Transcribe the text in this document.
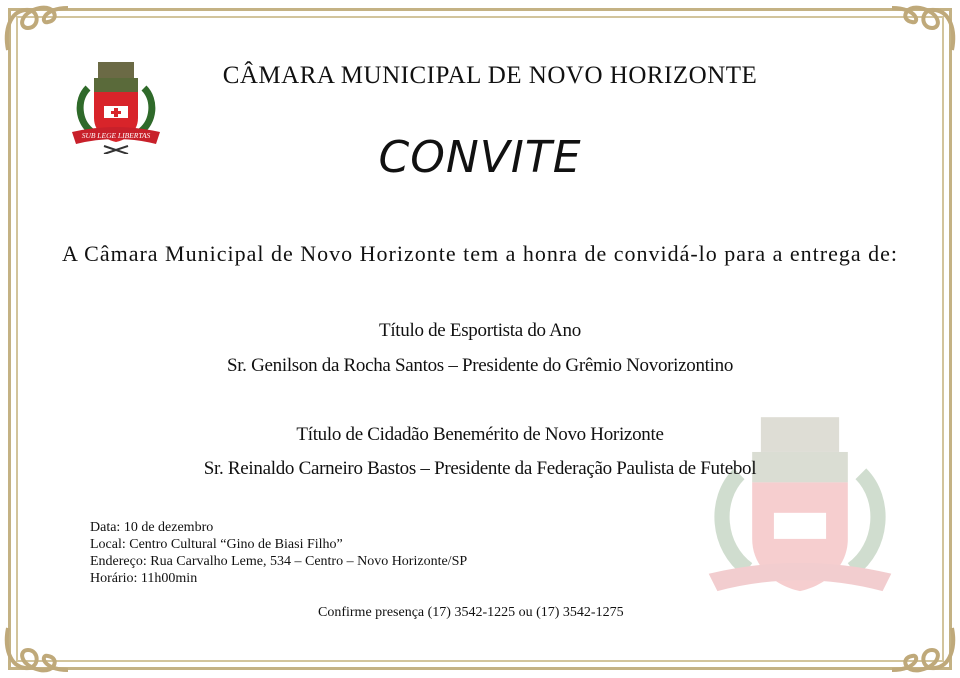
SUB LEGE LIBERTAS
CÂMARA MUNICIPAL DE NOVO HORIZONTE
CONVITE
A Câmara Municipal de Novo Horizonte tem a honra de convidá-lo para a entrega de:
Título de Esportista do Ano
Sr. Genilson da Rocha Santos – Presidente do Grêmio Novorizontino
Título de Cidadão Benemérito de Novo Horizonte
Sr. Reinaldo Carneiro Bastos – Presidente da Federação Paulista de Futebol
Data: 10 de dezembro
Local: Centro Cultural “Gino de Biasi Filho”
Endereço: Rua Carvalho Leme, 534 – Centro – Novo Horizonte/SP
Horário: 11h00min
Confirme presença (17) 3542-1225 ou (17) 3542-1275
